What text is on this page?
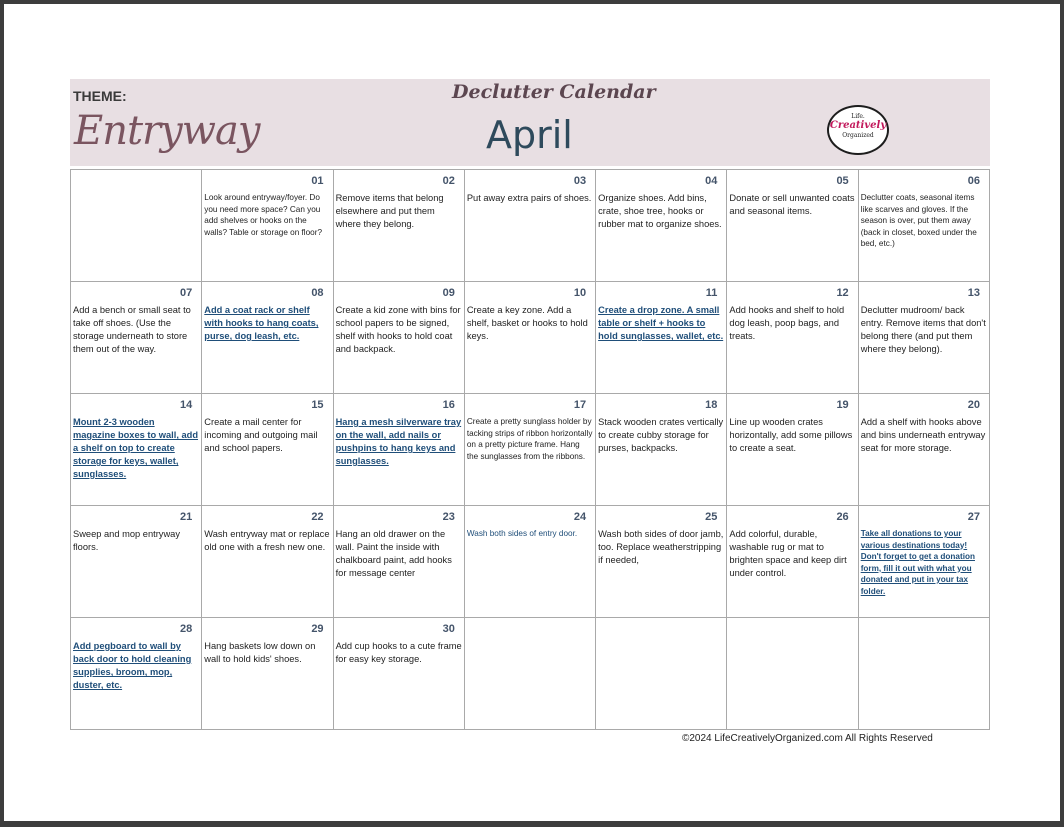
THEME:
Entryway
Declutter Calendar
April	Life.
Creatively
Organized

	01
Look around entryway/foyer. Do you need more space? Can you add shelves or hooks on the walls? Table or storage on floor?	02
Remove items that belong elsewhere and put them where they belong.	03
Put away extra pairs of shoes.	04
Organize shoes. Add bins, crate, shoe tree, hooks or rubber mat to organize shoes.	05
Donate or sell unwanted coats and seasonal items.	06
Declutter coats, seasonal items like scarves and gloves. If the season is over, put them away (back in closet, boxed under the bed, etc.)

07
Add a bench or small seat to take off shoes. (Use the storage underneath to store them out of the way.	08
Add a coat rack or shelf with hooks to hang coats, purse, dog leash, etc.	09
Create a kid zone with bins for school papers to be signed, shelf with hooks to hold coat and backpack.	10
Create a key zone. Add a shelf, basket or hooks to hold keys.	11
Create a drop zone. A small table or shelf + hooks to hold sunglasses, wallet, etc.	12
Add hooks and shelf to hold dog leash, poop bags, and treats.	13
Declutter mudroom/ back entry. Remove items that don't belong there (and put them where they belong).

14
Mount 2-3 wooden magazine boxes to wall, add a shelf on top to create storage for keys, wallet, sunglasses.	15
Create a mail center for incoming and outgoing mail and school papers.	16
Hang a mesh silverware tray on the wall, add nails or pushpins to hang keys and sunglasses.	17
Create a pretty sunglass holder by tacking strips of ribbon horizontally on a pretty picture frame. Hang the sunglasses from the ribbons.	18
Stack wooden crates vertically to create cubby storage for purses, backpacks.	19
Line up wooden crates horizontally, add some pillows to create a seat.	20
Add a shelf with hooks above and bins underneath entryway seat for more storage.

21
Sweep and mop entryway floors.	22
Wash entryway mat or replace old one with a fresh new one.	23
Hang an old drawer on the wall. Paint the inside with chalkboard paint, add hooks for message center	24
Wash both sides of entry door.	25
Wash both sides of door jamb, too. Replace weatherstripping if needed,	26
Add colorful, durable, washable rug or mat to brighten space and keep dirt under control.	27
Take all donations to your various destinations today! Don't forget to get a donation form, fill it out with what you donated and put in your tax folder.

28
Add pegboard to wall by back door to hold cleaning supplies, broom, mop, duster, etc.	29
Hang baskets low down on wall to hold kids' shoes.	30
Add cup hooks to a cute frame for easy key storage.				

©2024 LifeCreativelyOrganized.com All Rights Reserved
